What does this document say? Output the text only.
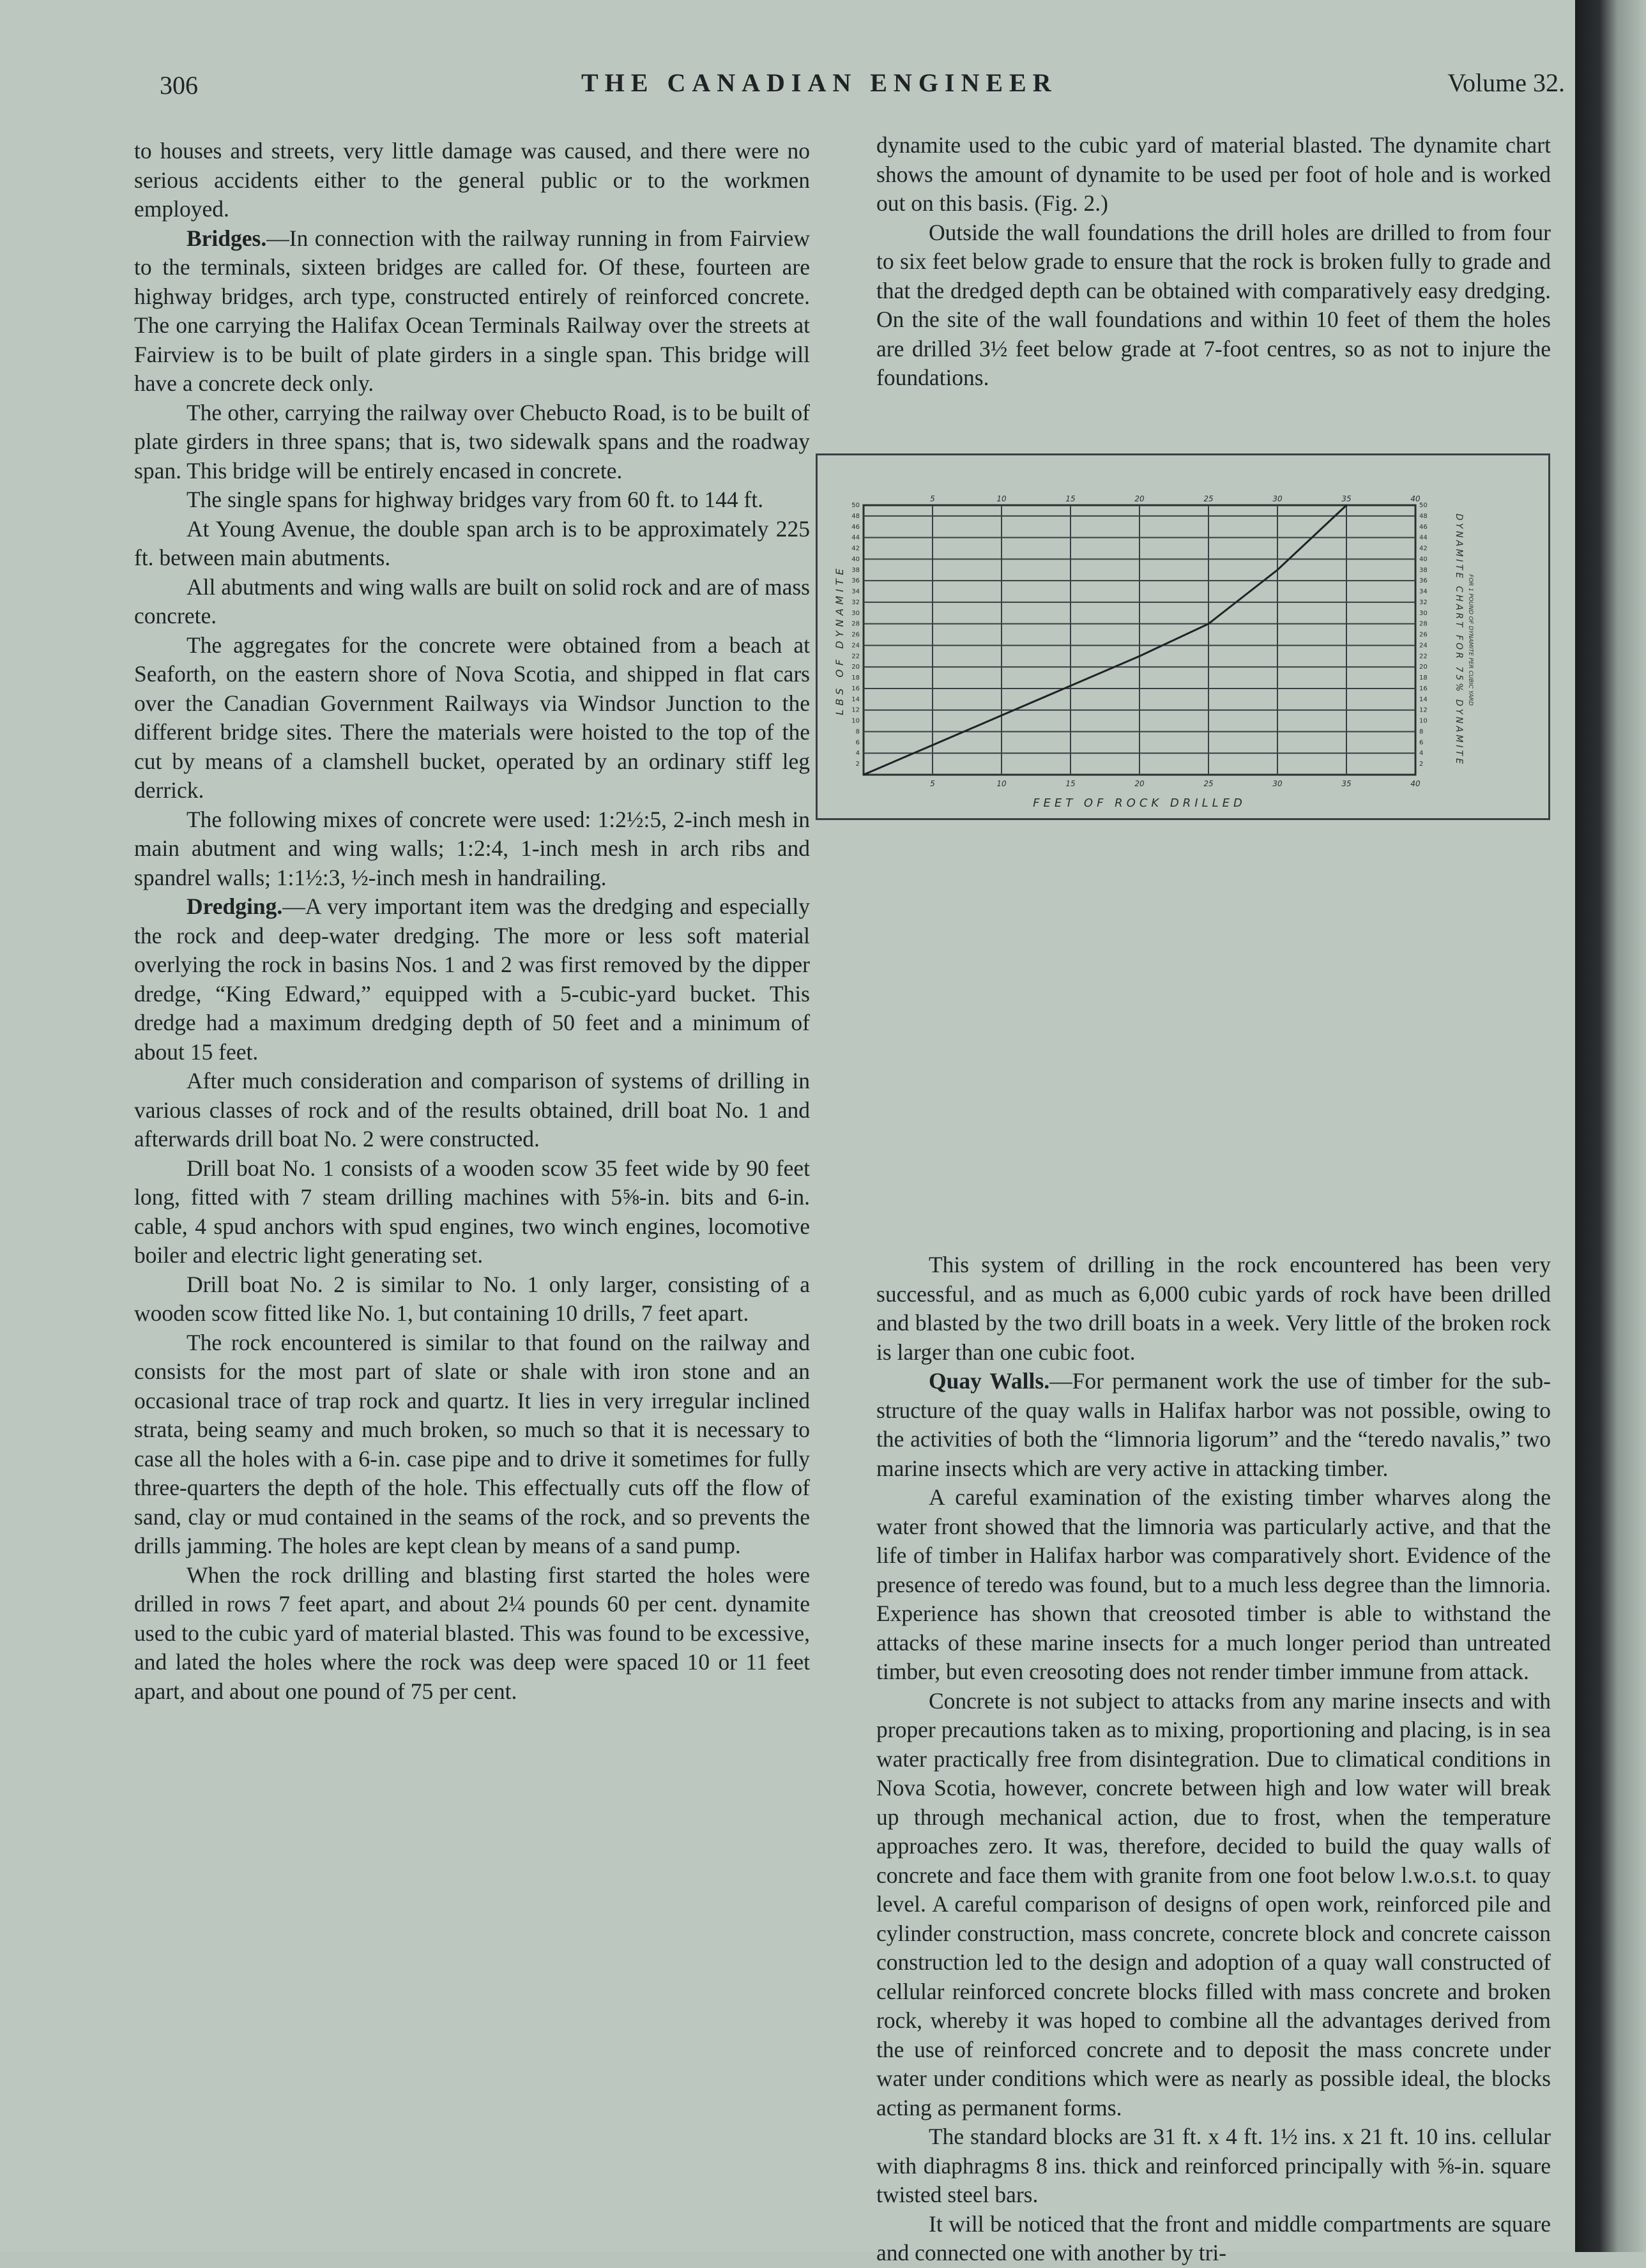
306	THE CANADIAN ENGINEER	Volume 32.

to houses and streets, very little damage was caused, and there were no serious accidents either to the general public or to the workmen employed.

Bridges.—In connection with the railway running in from Fairview to the terminals, sixteen bridges are called for. Of these, fourteen are highway bridges, arch type, constructed entirely of reinforced concrete. The one carrying the Halifax Ocean Terminals Railway over the streets at Fairview is to be built of plate girders in a single span. This bridge will have a concrete deck only.

The other, carrying the railway over Chebucto Road, is to be built of plate girders in three spans; that is, two sidewalk spans and the roadway span. This bridge will be entirely encased in concrete.

The single spans for highway bridges vary from 60 ft. to 144 ft.

At Young Avenue, the double span arch is to be approximately 225 ft. between main abutments.

All abutments and wing walls are built on solid rock and are of mass concrete.

The aggregates for the concrete were obtained from a beach at Seaforth, on the eastern shore of Nova Scotia, and shipped in flat cars over the Canadian Government Railways via Windsor Junction to the different bridge sites. There the materials were hoisted to the top of the cut by means of a clamshell bucket, operated by an ordinary stiff leg derrick.

The following mixes of concrete were used: 1:2½:5, 2-inch mesh in main abutment and wing walls; 1:2:4, 1-inch mesh in arch ribs and spandrel walls; 1:1½:3, ½-inch mesh in handrailing.

Dredging.—A very important item was the dredging and especially the rock and deep-water dredging. The more or less soft material overlying the rock in basins Nos. 1 and 2 was first removed by the dipper dredge, “King Edward,” equipped with a 5-cubic-yard bucket. This dredge had a maximum dredging depth of 50 feet and a minimum of about 15 feet.

After much consideration and comparison of systems of drilling in various classes of rock and of the results obtained, drill boat No. 1 and afterwards drill boat No. 2 were constructed.

Drill boat No. 1 consists of a wooden scow 35 feet wide by 90 feet long, fitted with 7 steam drilling machines with 5⅝-in. bits and 6-in. cable, 4 spud anchors with spud engines, two winch engines, locomotive boiler and electric light generating set.

Drill boat No. 2 is similar to No. 1 only larger, consisting of a wooden scow fitted like No. 1, but containing 10 drills, 7 feet apart.

The rock encountered is similar to that found on the railway and consists for the most part of slate or shale with iron stone and an occasional trace of trap rock and quartz. It lies in very irregular inclined strata, being seamy and much broken, so much so that it is necessary to case all the holes with a 6-in. case pipe and to drive it sometimes for fully three-quarters the depth of the hole. This effectually cuts off the flow of sand, clay or mud contained in the seams of the rock, and so prevents the drills jamming. The holes are kept clean by means of a sand pump.

When the rock drilling and blasting first started the holes were drilled in rows 7 feet apart, and about 2¼ pounds 60 per cent. dynamite used to the cubic yard of material blasted. This was found to be excessive, and lated the holes where the rock was deep were spaced 10 or 11 feet apart, and about one pound of 75 per cent.

dynamite used to the cubic yard of material blasted. The dynamite chart shows the amount of dynamite to be used per foot of hole and is worked out on this basis. (Fig. 2.)

Outside the wall foundations the drill holes are drilled to from four to six feet below grade to ensure that the rock is broken fully to grade and that the dredged depth can be obtained with comparatively easy dredging. On the site of the wall foundations and within 10 feet of them the holes are drilled 3½ feet below grade at 7-foot centres, so as not to injure the foundations.

5
5
10
10
15
15
20
20
25
25
30
30
35
35
40
40
2	2
4	4
6	6
8	8
10	10
12	12
14	14
16	16
18	18
20	20
22	22
24	24
26	26
28	28
30	30
32	32
34	34
36	36
38	38
40	40
42	42
44	44
46	46
48	48
50	50
FEET OF ROCK DRILLED
LBS OF DYNAMITE	DYNAMITE CHART FOR 75% DYNAMITE FOR 1 POUND OF DYNAMITE PER CUBIC YARD

This system of drilling in the rock encountered has been very successful, and as much as 6,000 cubic yards of rock have been drilled and blasted by the two drill boats in a week. Very little of the broken rock is larger than one cubic foot.

Quay Walls.—For permanent work the use of timber for the sub-structure of the quay walls in Halifax harbor was not possible, owing to the activities of both the “limnoria ligorum” and the “teredo navalis,” two marine insects which are very active in attacking timber.

A careful examination of the existing timber wharves along the water front showed that the limnoria was particularly active, and that the life of timber in Halifax harbor was comparatively short. Evidence of the presence of teredo was found, but to a much less degree than the limnoria. Experience has shown that creosoted timber is able to withstand the attacks of these marine insects for a much longer period than untreated timber, but even creosoting does not render timber immune from attack.

Concrete is not subject to attacks from any marine insects and with proper precautions taken as to mixing, proportioning and placing, is in sea water practically free from disintegration. Due to climatical conditions in Nova Scotia, however, concrete between high and low water will break up through mechanical action, due to frost, when the temperature approaches zero. It was, therefore, decided to build the quay walls of concrete and face them with granite from one foot below l.w.o.s.t. to quay level. A careful comparison of designs of open work, reinforced pile and cylinder construction, mass concrete, concrete block and concrete caisson construction led to the design and adoption of a quay wall constructed of cellular reinforced concrete blocks filled with mass concrete and broken rock, whereby it was hoped to combine all the advantages derived from the use of reinforced concrete and to deposit the mass concrete under water under conditions which were as nearly as possible ideal, the blocks acting as permanent forms.

The standard blocks are 31 ft. x 4 ft. 1½ ins. x 21 ft. 10 ins. cellular with diaphragms 8 ins. thick and reinforced principally with ⅝-in. square twisted steel bars.

It will be noticed that the front and middle compartments are square and connected one with another by tri-
